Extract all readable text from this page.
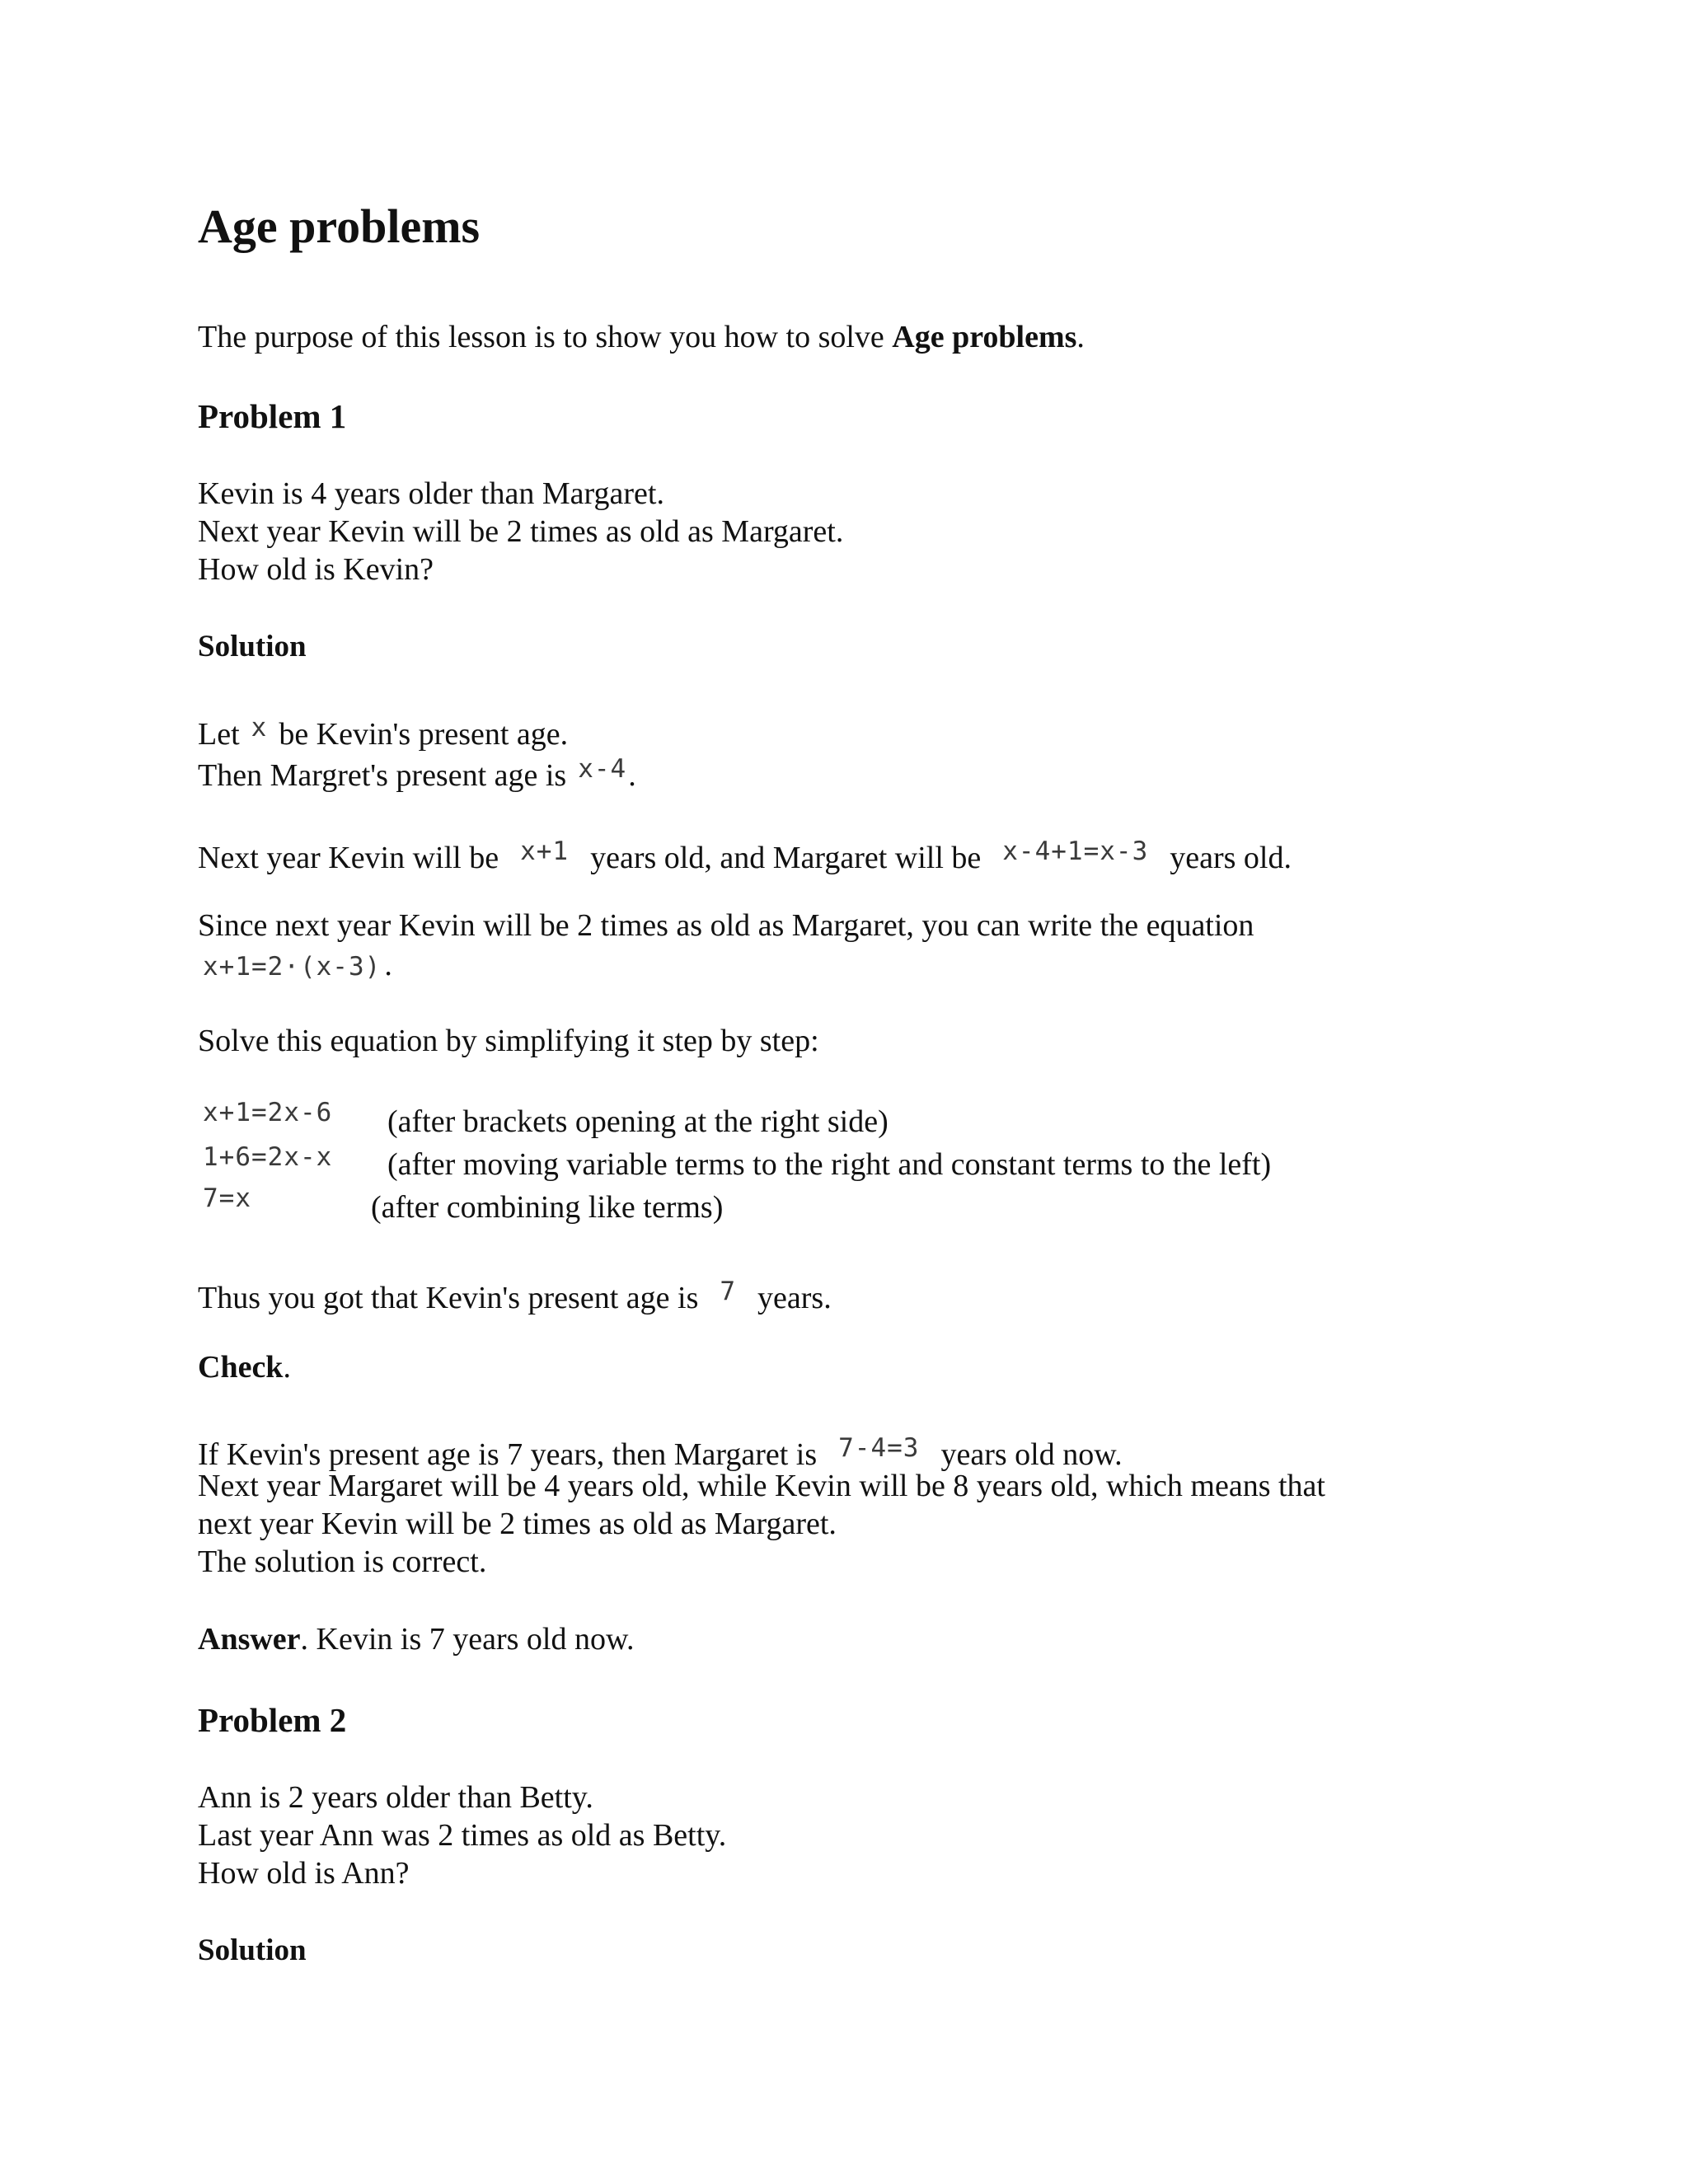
Age problems
The purpose of this lesson is to show you how to solve Age problems.
Problem 1
Kevin is 4 years older than Margaret.
Next year Kevin will be 2 times as old as Margaret.
How old is Kevin?
Solution
Let x be Kevin's present age.
Then Margret's present age is x-4.
Next year Kevin will be x+1 years old, and Margaret will be x-4+1=x-3 years old.
Since next year Kevin will be 2 times as old as Margaret, you can write the equation
x+1=2·(x-3) .
Solve this equation by simplifying it step by step:
x+1=2x-6 (after brackets opening at the right side)
1+6=2x-x (after moving variable terms to the right and constant terms to the left)
7=x	(after combining like terms)
Thus you got that Kevin's present age is 7 years.
Check.
If Kevin's present age is 7 years, then Margaret is 7-4=3 years old now.
Next year Margaret will be 4 years old, while Kevin will be 8 years old, which means that
next year Kevin will be 2 times as old as Margaret.
The solution is correct.
Answer. Kevin is 7 years old now.
Problem 2
Ann is 2 years older than Betty.
Last year Ann was 2 times as old as Betty.
How old is Ann?
Solution
